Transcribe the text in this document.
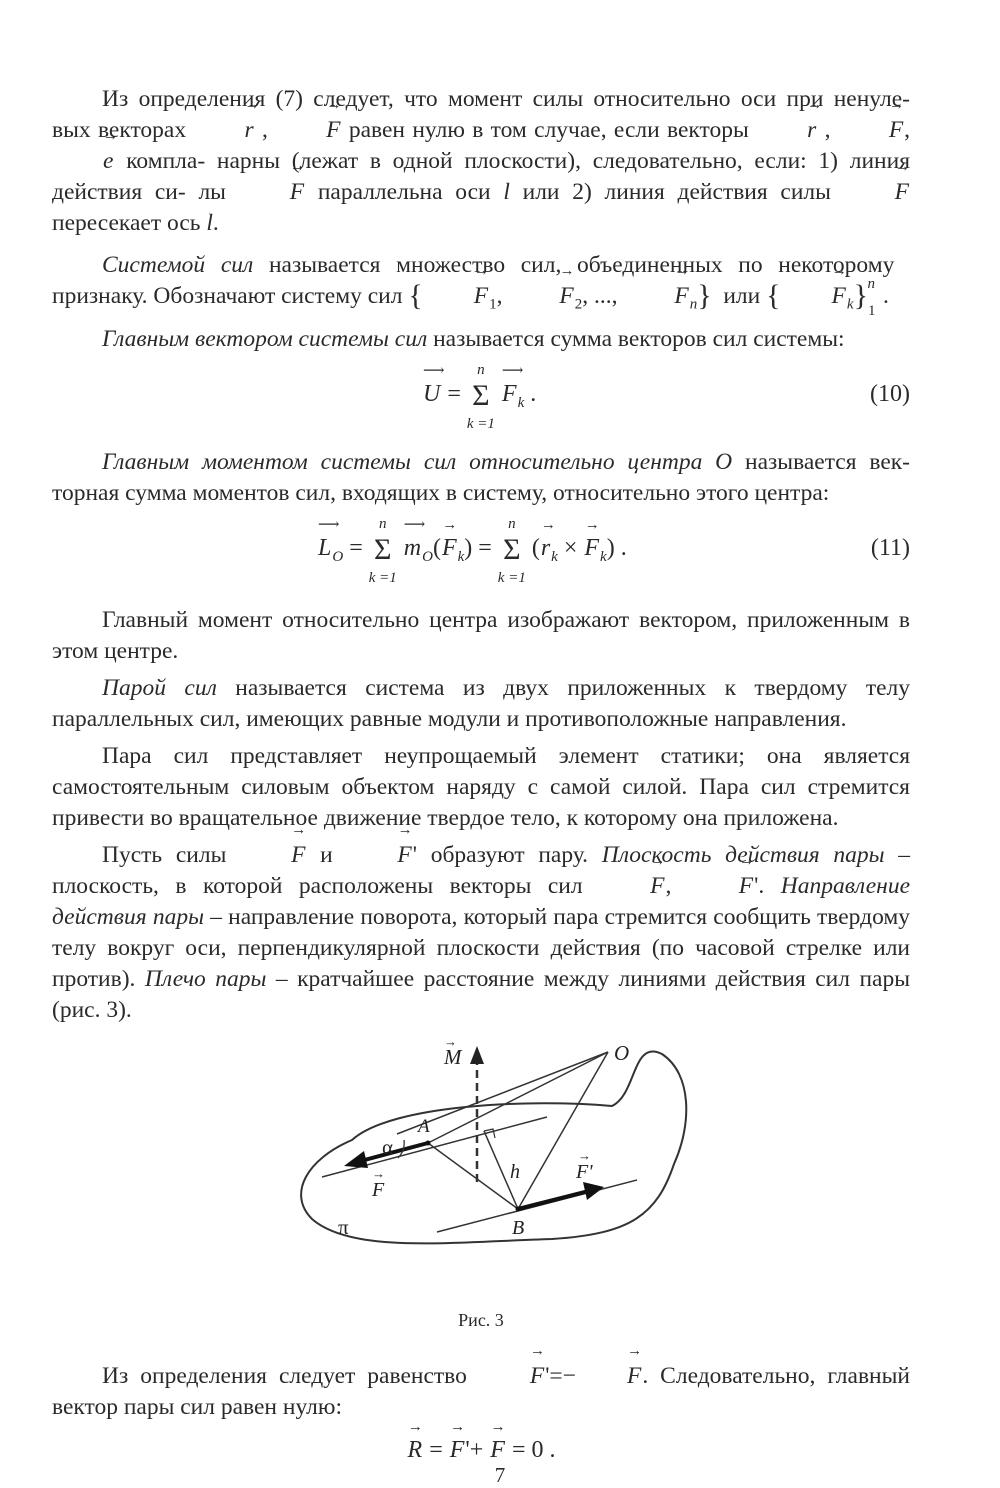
Из определения (7) следует, что момент силы относительно оси при ненуле- вых векторах → r , → F равен нулю в том случае, если векторы → r , → F, → e компла- нарны (лежат в одной плоскости), следовательно, если: 1) линия действия си- лы	→ F параллельна оси l или 2) линия действия силы	→ F пересекает ось l.

Системой сил называется множество сил, объединенных по некоторому признаку. Обозначают систему сил { → $F_1$, → $F_2$, ..., → $F_n$} или { → $F_k\}_1^n$ .

Главным вектором системы сил называется сумма векторов сил системы:

⟶ U = Σ
n
k =1
⟶ $F_k$ .	(10)

Главным моментом системы сил относительно центра O называется век- торная сумма моментов сил, входящих в систему, относительно этого центра:

⟶ $L_O = \Sigma$
n
k =1
⟶ $m_O(\to F_k) = \Sigma$
n
k =1
(→ $r_k$ × → $F_k$) .	(11)

Главный момент относительно центра изображают вектором, приложенным в этом центре.

Парой сил называется система из двух приложенных к твердому телу параллельных сил, имеющих равные модули и противоположные направления.

Пара сил представляет неупрощаемый элемент статики; она является самостоятельным силовым объектом наряду с самой силой. Пара сил стремится привести во вращательное движение твердое тело, к которому она приложена.

Пусть силы	→ F и	→ F' образуют пару. Плоскость действия пары – плоскость, в которой расположены векторы сил	→ F, → F'. Направление действия пары – направление поворота, который пара стремится сообщить твердому телу вокруг оси, перпендикулярной плоскости действия (по часовой стрелке или против). Плечо пары – кратчайшее расстояние между линиями действия сил пары (рис. 3).

M
→	O
A
α
h
F
→	F'
→
B
π
Рис. 3

Из определения следует равенство	→ F'=− → F. Следовательно, главный вектор пары сил равен нулю:

→ R = → F'+ → F = 0 .
7
